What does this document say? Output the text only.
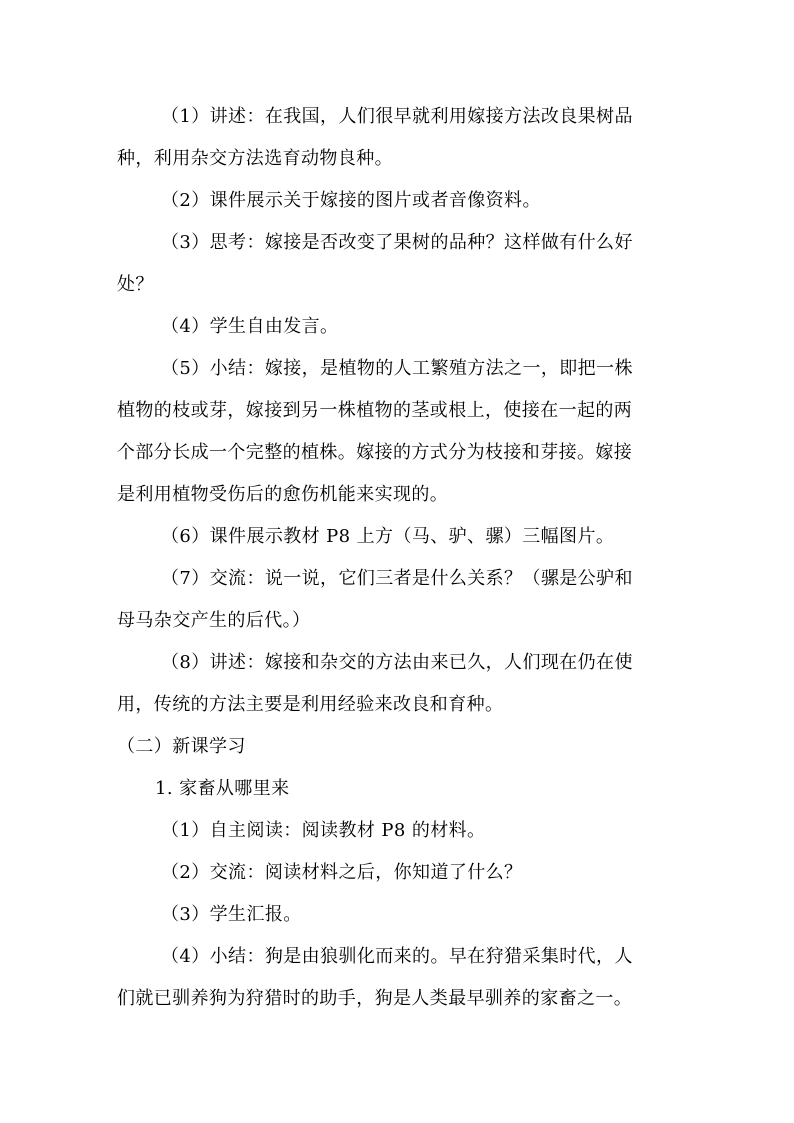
（1）讲述：在我国，人们很早就利用嫁接方法改良果树品
种，利用杂交方法选育动物良种。
（2）课件展示关于嫁接的图片或者音像资料。
（3）思考：嫁接是否改变了果树的品种？这样做有什么好
处？
（4）学生自由发言。
（5）小结：嫁接，是植物的人工繁殖方法之一，即把一株
植物的枝或芽，嫁接到另一株植物的茎或根上，使接在一起的两
个部分长成一个完整的植株。嫁接的方式分为枝接和芽接。嫁接
是利用植物受伤后的愈伤机能来实现的。
（6）课件展示教材 P8 上方（马、驴、骡）三幅图片。
（7）交流：说一说，它们三者是什么关系？（骡是公驴和
母马杂交产生的后代。）
（8）讲述：嫁接和杂交的方法由来已久，人们现在仍在使
用，传统的方法主要是利用经验来改良和育种。
（二）新课学习
1. 家畜从哪里来
（1）自主阅读：阅读教材 P8 的材料。
（2）交流：阅读材料之后，你知道了什么？
（3）学生汇报。
（4）小结：狗是由狼驯化而来的。早在狩猎采集时代，人
们就已驯养狗为狩猎时的助手，狗是人类最早驯养的家畜之一。
